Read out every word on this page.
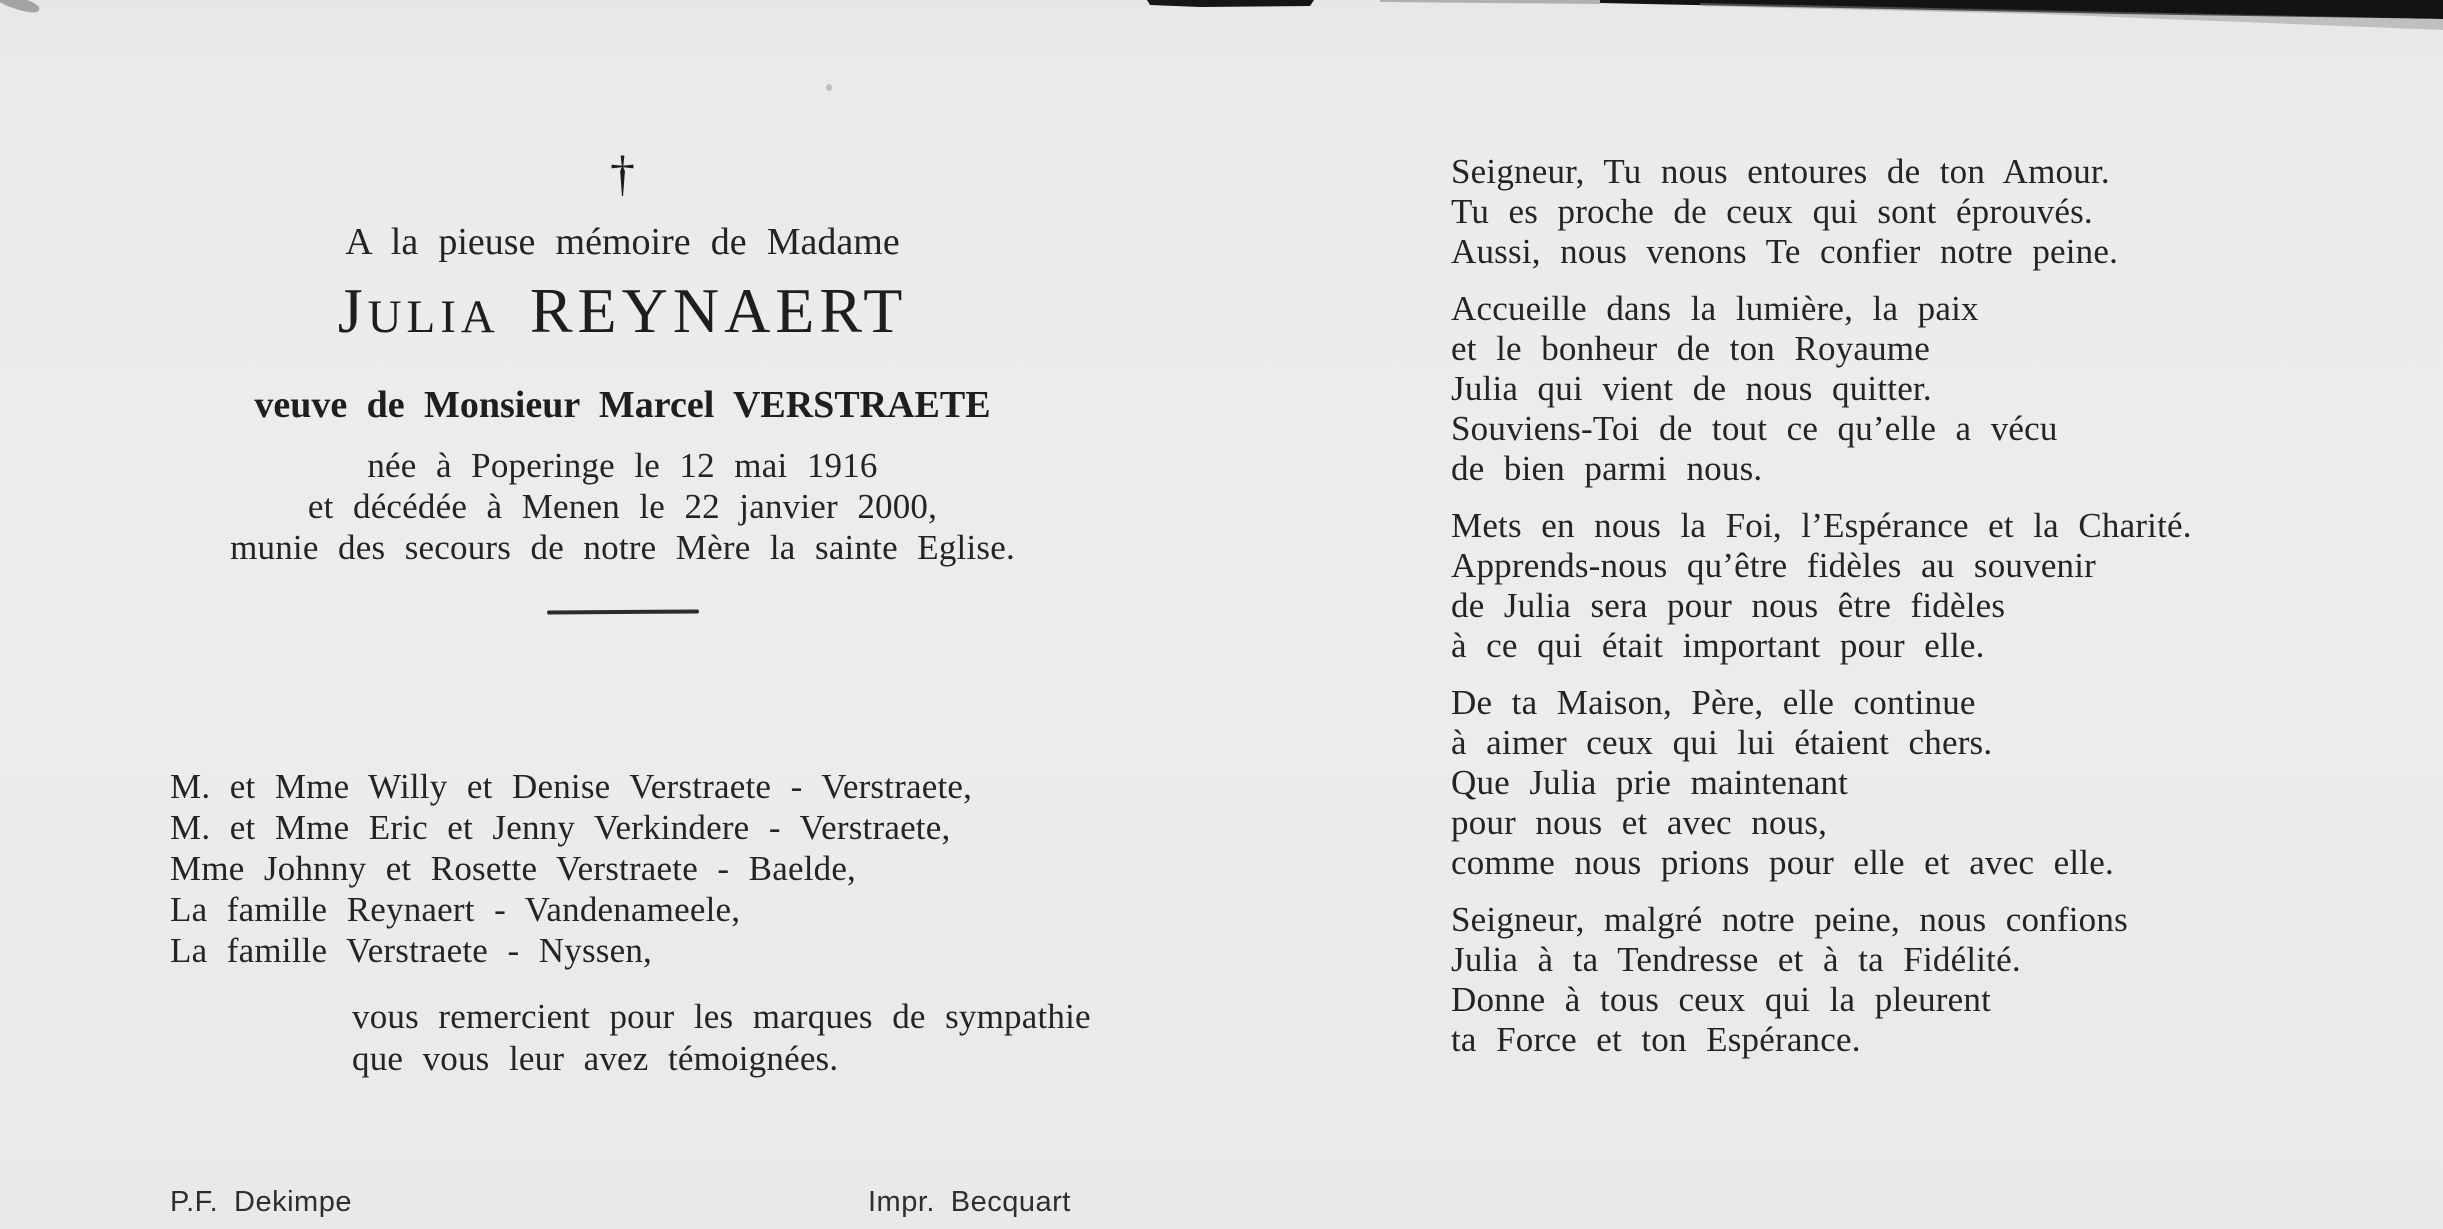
†
A la pieuse mémoire de Madame
JULIA REYNAERT
veuve de Monsieur Marcel VERSTRAETE
née à Poperinge le 12 mai 1916
et décédée à Menen le 22 janvier 2000,
munie des secours de notre Mère la sainte Eglise.
M. et Mme Willy et Denise Verstraete - Verstraete,
M. et Mme Eric et Jenny Verkindere - Verstraete,
Mme Johnny et Rosette Verstraete - Baelde,
La famille Reynaert - Vandenameele,
La famille Verstraete - Nyssen,
vous remercient pour les marques de sympathie
que vous leur avez témoignées.
P.F. Dekimpe	Impr. Becquart

Seigneur, Tu nous entoures de ton Amour.
Tu es proche de ceux qui sont éprouvés.
Aussi, nous venons Te confier notre peine.

Accueille dans la lumière, la paix
et le bonheur de ton Royaume
Julia qui vient de nous quitter.
Souviens-Toi de tout ce qu’elle a vécu
de bien parmi nous.

Mets en nous la Foi, l’Espérance et la Charité.
Apprends-nous qu’être fidèles au souvenir
de Julia sera pour nous être fidèles
à ce qui était important pour elle.

De ta Maison, Père, elle continue
à aimer ceux qui lui étaient chers.
Que Julia prie maintenant
pour nous et avec nous,
comme nous prions pour elle et avec elle.

Seigneur, malgré notre peine, nous confions
Julia à ta Tendresse et à ta Fidélité.
Donne à tous ceux qui la pleurent
ta Force et ton Espérance.
